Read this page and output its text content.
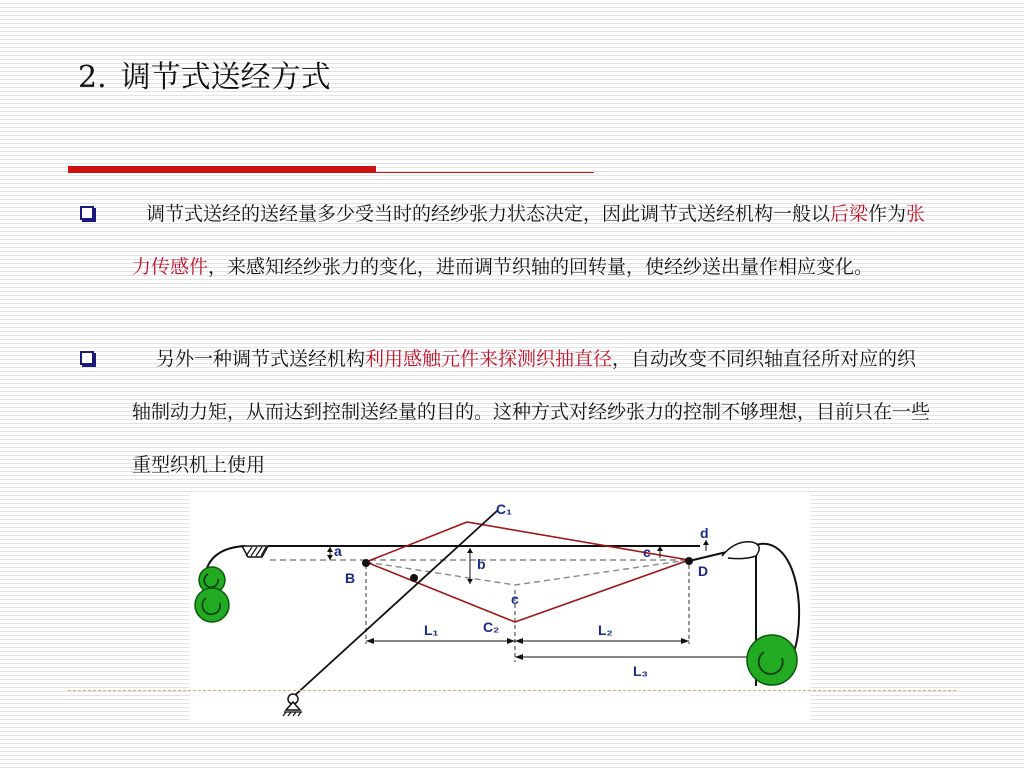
2. 调节式送经方式
调节式送经的送经量多少受当时的经纱张力状态决定，因此调节式送经机构一般以后梁作为张力传感件，来感知经纱张力的变化，进而调节织轴的回转量，使经纱送出量作相应变化。
另外一种调节式送经机构利用感触元件来探测织抽直径，自动改变不同织轴直径所对应的织轴制动力矩，从而达到控制送经量的目的。这种方式对经纱张力的控制不够理想，目前只在一些重型织机上使用
C₁
a
b
B
c
C₂
d
c
D
L₁	L₂
L₃
